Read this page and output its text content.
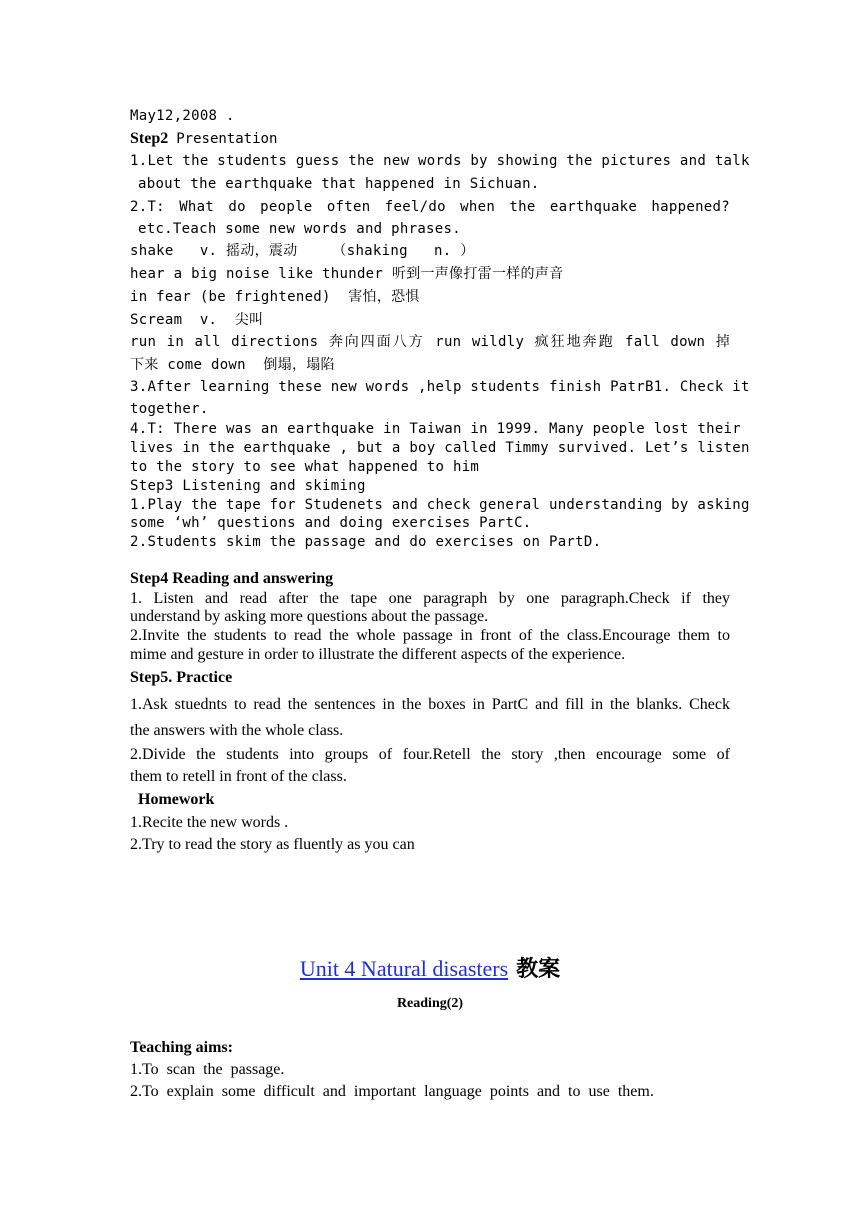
May12,2008 .
Step2 Presentation
1.Let the students guess the new words by showing the pictures and talk
about the earthquake that happened in Sichuan.
2.T: What do people often feel/do when the earthquake happened?
etc.Teach some new words and phrases.
shake   v. 摇动，震动    （shaking   n. ）
hear a big noise like thunder 听到一声像打雷一样的声音
in fear (be frightened)  害怕，恐惧
Scream  v.  尖叫
run in all directions 奔向四面八方 run wildly 疯狂地奔跑 fall down 掉
下来 come down  倒塌，塌陷
3.After learning these new words ,help students finish PatrB1. Check it
together.
4.T: There was an earthquake in Taiwan in 1999. Many people lost their
lives in the earthquake , but a boy called Timmy survived. Let’s listen
to the story to see what happened to him
Step3 Listening and skiming
1.Play the tape for Studenets and check general understanding by asking
some ‘wh’ questions and doing exercises PartC.
2.Students skim the passage and do exercises on PartD.
Step4 Reading and answering
1. Listen and read after the tape one paragraph by one paragraph.Check if they
understand by asking more questions about the passage.
2.Invite the students to read the whole passage in front of the class.Encourage them to
mime and gesture in order to illustrate the different aspects of the experience.
Step5. Practice
1.Ask stuednts to read the sentences in the boxes in PartC and fill in the blanks. Check
the answers with the whole class.
2.Divide the students into groups of four.Retell the story ,then encourage some of
them to retell in front of the class.
Homework
1.Recite the new words .
2.Try to read the story as fluently as you can
Unit 4 Natural disasters 教案
Reading(2)
Teaching aims:
1.To  scan  the  passage.
2.To  explain  some  difficult  and  important  language  points  and  to  use  them.
